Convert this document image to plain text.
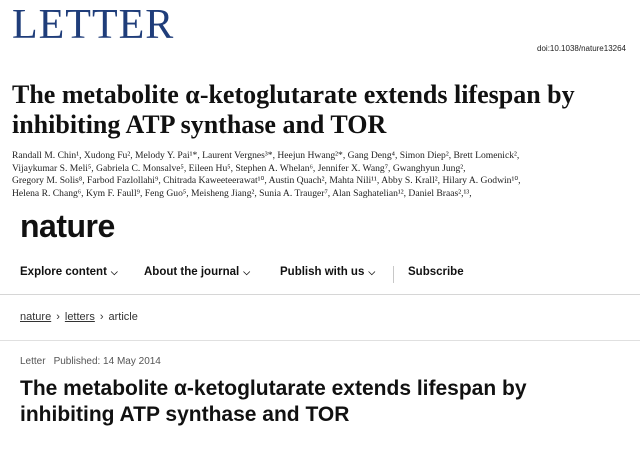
LETTER
doi:10.1038/nature13264
The metabolite α-ketoglutarate extends lifespan by inhibiting ATP synthase and TOR
Randall M. Chin¹, Xudong Fu², Melody Y. Pai¹*, Laurent Vergnes³*, Heejun Hwang²*, Gang Deng⁴, Simon Diep², Brett Lomenick²,
Vijaykumar S. Meli⁵, Gabriela C. Monsalve⁵, Eileen Hu⁵, Stephen A. Whelan⁶, Jennifer X. Wang⁷, Gwanghyun Jung²,
Gregory M. Solis⁸, Farbod Fazlollahi⁹, Chitrada Kaweeteerawat¹⁰, Austin Quach², Mahta Nili¹¹, Abby S. Krall², Hilary A. Godwin¹⁰,
Helena R. Chang⁶, Kym F. Faull⁹, Feng Guo⁵, Meisheng Jiang², Sunia A. Trauger⁷, Alan Saghatelian¹², Daniel Braas²,¹³,
nature
Explore content ⌵ About the journal ⌵	Publish with us ⌵	Subscribe
nature › letters › article
Letter Published: 14 May 2014
The metabolite α-ketoglutarate extends lifespan by inhibiting ATP synthase and TOR
